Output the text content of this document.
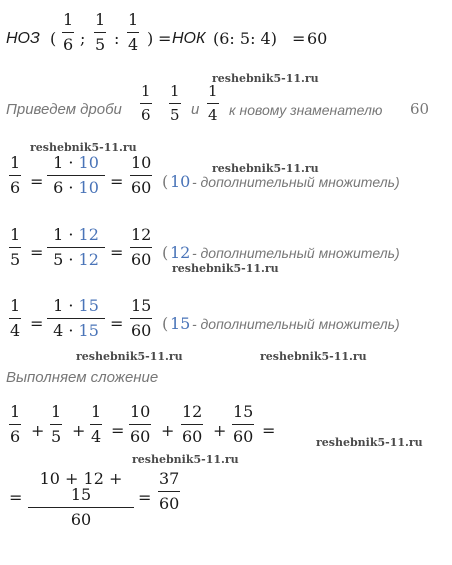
НОЗ (
1
6 ;
1
5 :
1
4 ) = НОК (6: 5: 4) = 60
reshebnik5-11.ru
Приведем дроби
1
6
1
5 и
1
4 к новому знаменателю 60
reshebnik5-11.ru
reshebnik5-11.ru
1
6 =
1 · 10
6 · 10 =
10
60 ( 10 - дополнительный множитель)
1
5 =
1 · 12
5 · 12 =
12
60 ( 12 - дополнительный множитель)
reshebnik5-11.ru
1
4 =
1 · 15
4 · 15 =
15
60 ( 15 - дополнительный множитель)
reshebnik5-11.ru	reshebnik5-11.ru
Выполняем сложение
1
6 +
1
5 +
1
4 =
10
60 +
12
60 +
15
60 =
reshebnik5-11.ru
reshebnik5-11.ru
=
10 + 12 + 15
60
=
37
60
